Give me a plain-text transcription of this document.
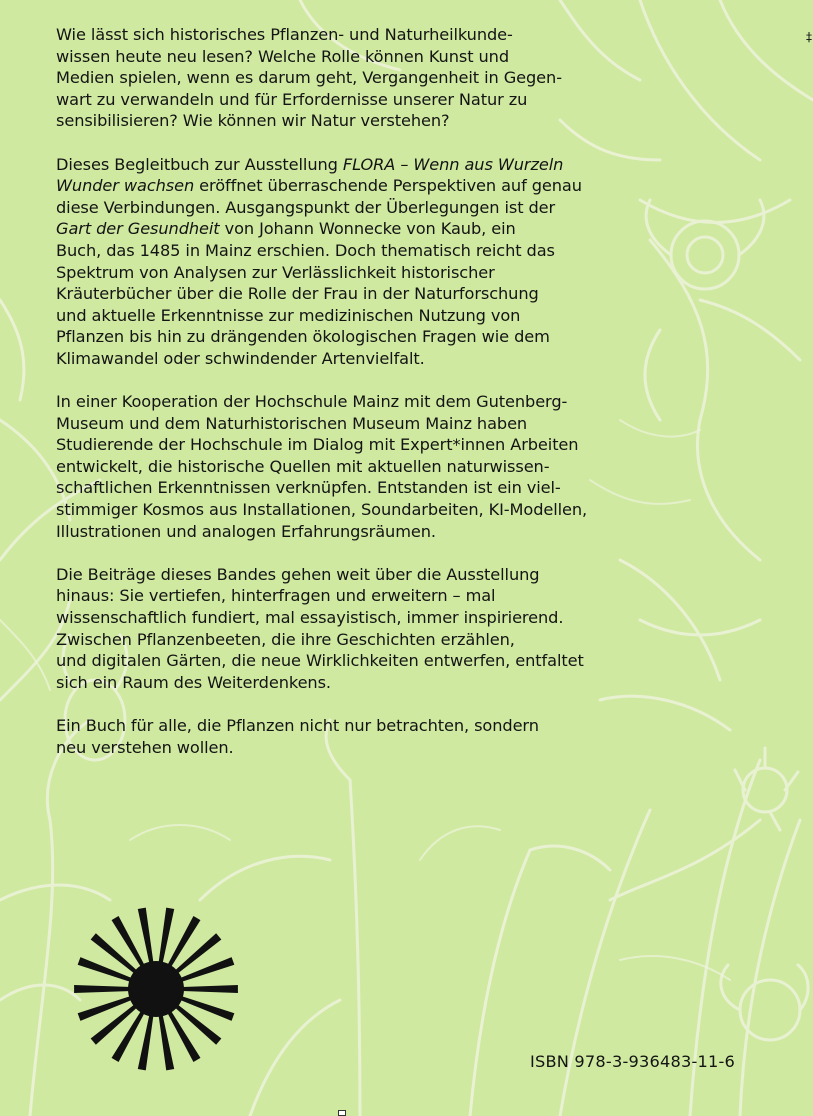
Wie lässt sich historisches Pflanzen- und Naturheilkunde-
wissen heute neu lesen? Welche Rolle können Kunst und
Medien spielen, wenn es darum geht, Vergangenheit in Gegen-
wart zu verwandeln und für Erfordernisse unserer Natur zu
sensibilisieren? Wie können wir Natur verstehen?

Dieses Begleitbuch zur Ausstellung FLORA – Wenn aus Wurzeln
Wunder wachsen eröffnet überraschende Perspektiven auf genau
diese Verbindungen. Ausgangspunkt der Überlegungen ist der
Gart der Gesundheit von Johann Wonnecke von Kaub, ein
Buch, das 1485 in Mainz erschien. Doch thematisch reicht das
Spektrum von Analysen zur Verlässlichkeit historischer
Kräuterbücher über die Rolle der Frau in der Naturforschung
und aktuelle Erkenntnisse zur medizinischen Nutzung von
Pflanzen bis hin zu drängenden ökologischen Fragen wie dem
Klimawandel oder schwindender Artenvielfalt.

In einer Kooperation der Hochschule Mainz mit dem Gutenberg-
Museum und dem Naturhistorischen Museum Mainz haben
Studierende der Hochschule im Dialog mit Expert*innen Arbeiten
entwickelt, die historische Quellen mit aktuellen naturwissen-
schaftlichen Erkenntnissen verknüpfen. Entstanden ist ein viel-
stimmiger Kosmos aus Installationen, Soundarbeiten, KI-Modellen,
Illustrationen und analogen Erfahrungsräumen.

Die Beiträge dieses Bandes gehen weit über die Ausstellung
hinaus: Sie vertiefen, hinterfragen und erweitern – mal
wissenschaftlich fundiert, mal essayistisch, immer inspirierend.
Zwischen Pflanzenbeeten, die ihre Geschichten erzählen,
und digitalen Gärten, die neue Wirklichkeiten entwerfen, entfaltet
sich ein Raum des Weiterdenkens.

Ein Buch für alle, die Pflanzen nicht nur betrachten, sondern
neu verstehen wollen.

ISBN 978-3-936483-11-6
‡
